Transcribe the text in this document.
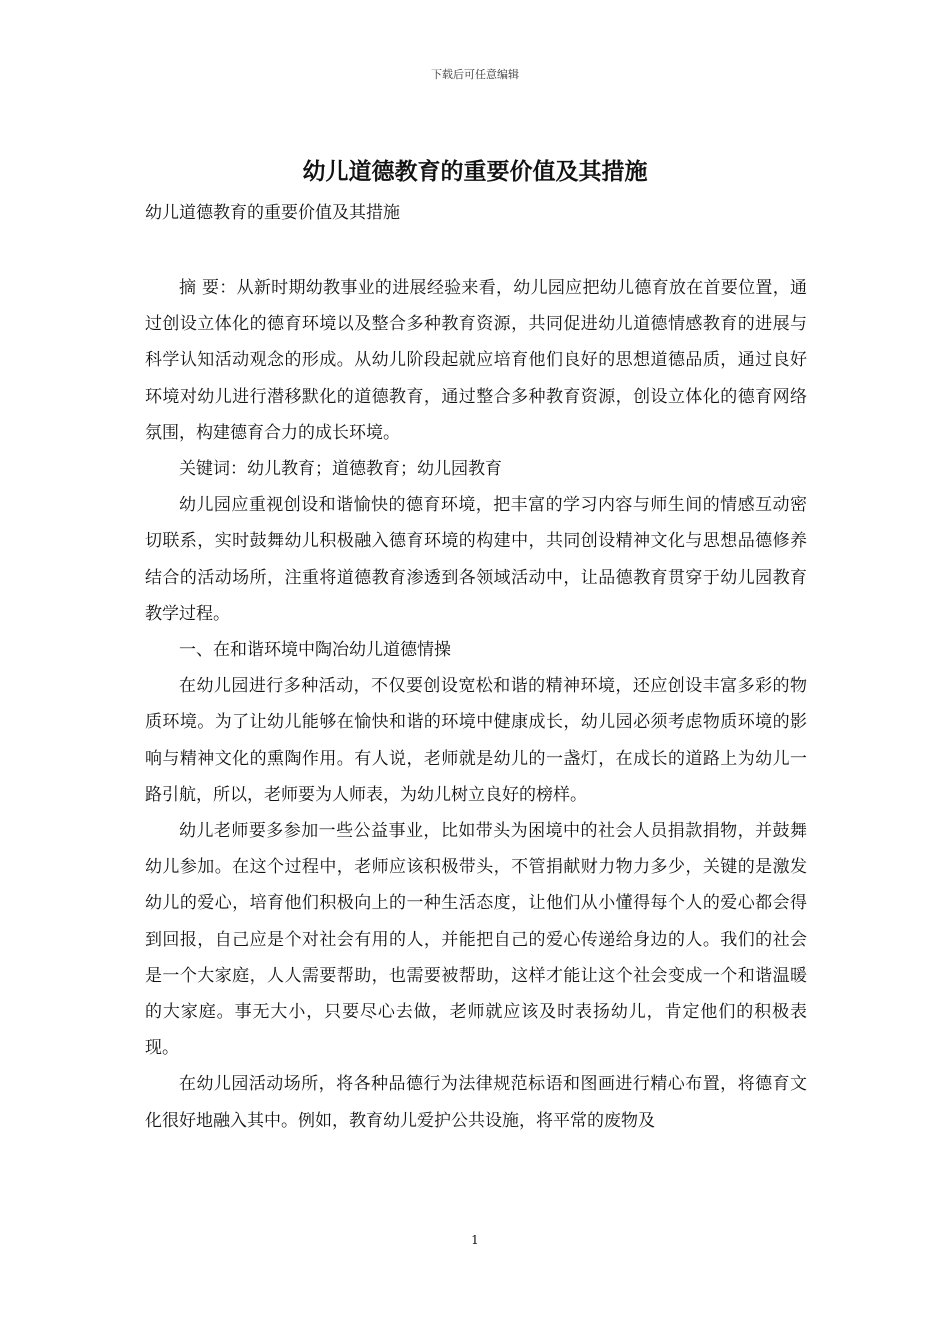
下载后可任意编辑
幼儿道德教育的重要价值及其措施
幼儿道德教育的重要价值及其措施

摘 要：从新时期幼教事业的进展经验来看，幼儿园应把幼儿德育放在首要位置，通过创设立体化的德育环境以及整合多种教育资源，共同促进幼儿道德情感教育的进展与科学认知活动观念的形成。从幼儿阶段起就应培育他们良好的思想道德品质，通过良好环境对幼儿进行潜移默化的道德教育，通过整合多种教育资源，创设立体化的德育网络氛围，构建德育合力的成长环境。

关键词：幼儿教育；道德教育；幼儿园教育

幼儿园应重视创设和谐愉快的德育环境，把丰富的学习内容与师生间的情感互动密切联系，实时鼓舞幼儿积极融入德育环境的构建中，共同创设精神文化与思想品德修养结合的活动场所，注重将道德教育渗透到各领域活动中，让品德教育贯穿于幼儿园教育教学过程。

一、在和谐环境中陶冶幼儿道德情操

在幼儿园进行多种活动，不仅要创设宽松和谐的精神环境，还应创设丰富多彩的物质环境。为了让幼儿能够在愉快和谐的环境中健康成长，幼儿园必须考虑物质环境的影响与精神文化的熏陶作用。有人说，老师就是幼儿的一盏灯，在成长的道路上为幼儿一路引航，所以，老师要为人师表，为幼儿树立良好的榜样。

幼儿老师要多参加一些公益事业，比如带头为困境中的社会人员捐款捐物，并鼓舞幼儿参加。在这个过程中，老师应该积极带头，不管捐献财力物力多少，关键的是激发幼儿的爱心，培育他们积极向上的一种生活态度，让他们从小懂得每个人的爱心都会得到回报，自己应是个对社会有用的人，并能把自己的爱心传递给身边的人。我们的社会是一个大家庭，人人需要帮助，也需要被帮助，这样才能让这个社会变成一个和谐温暖的大家庭。事无大小，只要尽心去做，老师就应该及时表扬幼儿，肯定他们的积极表现。

在幼儿园活动场所，将各种品德行为法律规范标语和图画进行精心布置，将德育文化很好地融入其中。例如，教育幼儿爱护公共设施，将平常的废物及

1
